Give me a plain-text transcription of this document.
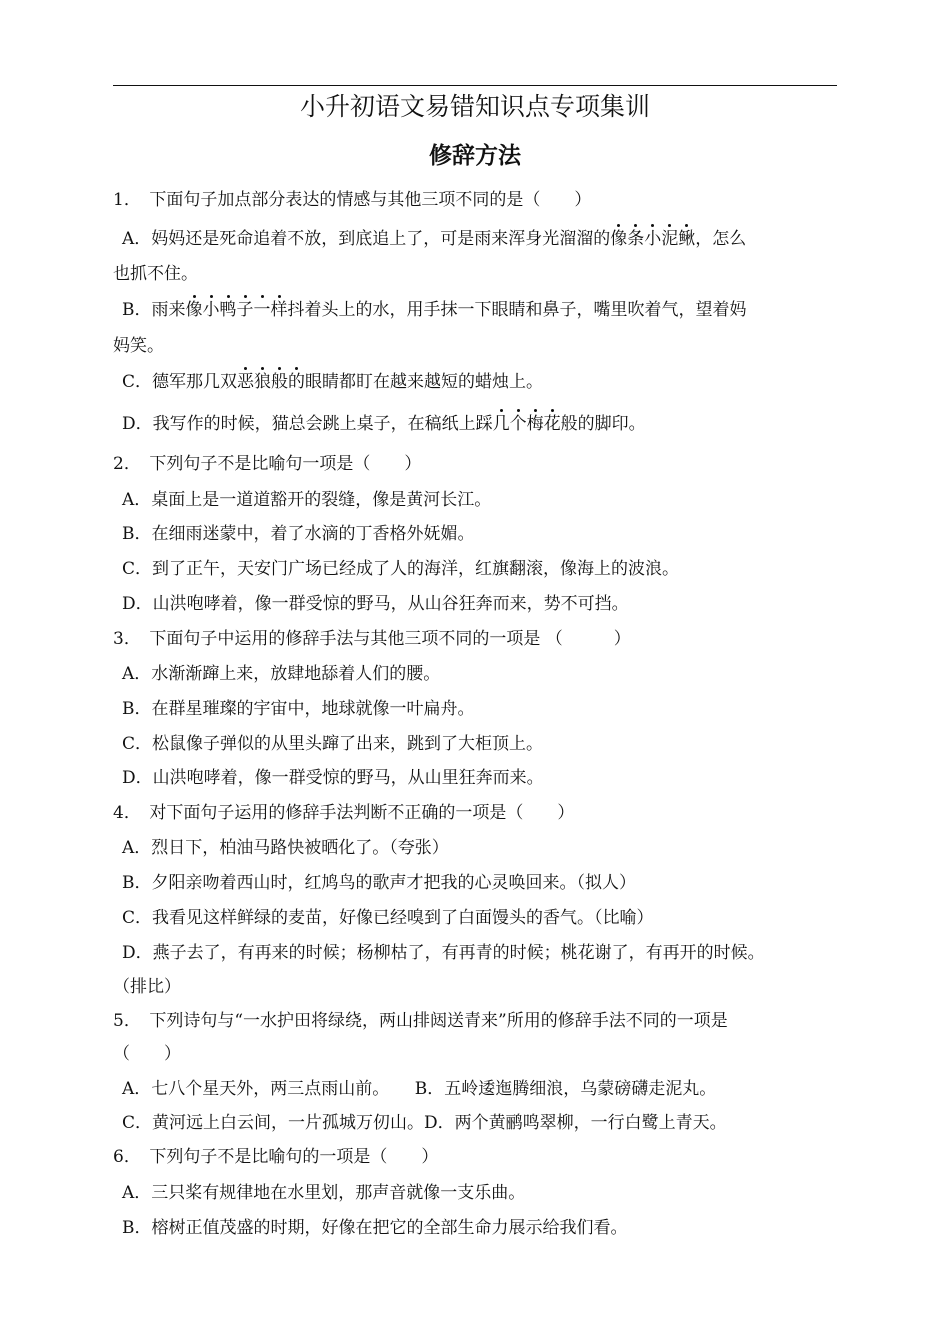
小升初语文易错知识点专项集训
修辞方法
1．　下面句子加点部分表达的情感与其他三项不同的是（　　）
A．妈妈还是死命追着不放，到底追上了，可是雨来浑身光溜溜的像条小泥鳅，怎么
也抓不住。
B．雨来像小鸭子一样抖着头上的水，用手抹一下眼睛和鼻子，嘴里吹着气，望着妈
妈笑。
C．德军那几双恶狼般的眼睛都盯在越来越短的蜡烛上。
D．我写作的时候，猫总会跳上桌子，在稿纸上踩几个梅花般的脚印。
2．　下列句子不是比喻句一项是（　　）
A．桌面上是一道道豁开的裂缝，像是黄河长江。
B．在细雨迷蒙中，着了水滴的丁香格外妩媚。
C．到了正午，天安门广场已经成了人的海洋，红旗翻滚，像海上的波浪。
D．山洪咆哮着，像一群受惊的野马，从山谷狂奔而来，势不可挡。
3．　下面句子中运用的修辞手法与其他三项不同的一项是 （　　　）
A．水渐渐蹿上来，放肆地舔着人们的腰。
B．在群星璀璨的宇宙中，地球就像一叶扁舟。
C．松鼠像子弹似的从里头蹿了出来，跳到了大柜顶上。
D．山洪咆哮着，像一群受惊的野马，从山里狂奔而来。
4．　对下面句子运用的修辞手法判断不正确的一项是（　　）
A．烈日下，柏油马路快被晒化了。（夸张）
B．夕阳亲吻着西山时，红鸠鸟的歌声才把我的心灵唤回来。（拟人）
C．我看见这样鲜绿的麦苗，好像已经嗅到了白面馒头的香气。（比喻）
D．燕子去了，有再来的时候；杨柳枯了，有再青的时候；桃花谢了，有再开的时候。
（排比）
5．　下列诗句与“一水护田将绿绕，两山排闼送青来”所用的修辞手法不同的一项是
（　　）
A．七八个星天外，两三点雨山前。　　B．五岭逶迤腾细浪，乌蒙磅礴走泥丸。
C．黄河远上白云间，一片孤城万仞山。D．两个黄鹂鸣翠柳，一行白鹭上青天。
6．　下列句子不是比喻句的一项是（　　）
A．三只桨有规律地在水里划，那声音就像一支乐曲。
B．榕树正值茂盛的时期，好像在把它的全部生命力展示给我们看。
